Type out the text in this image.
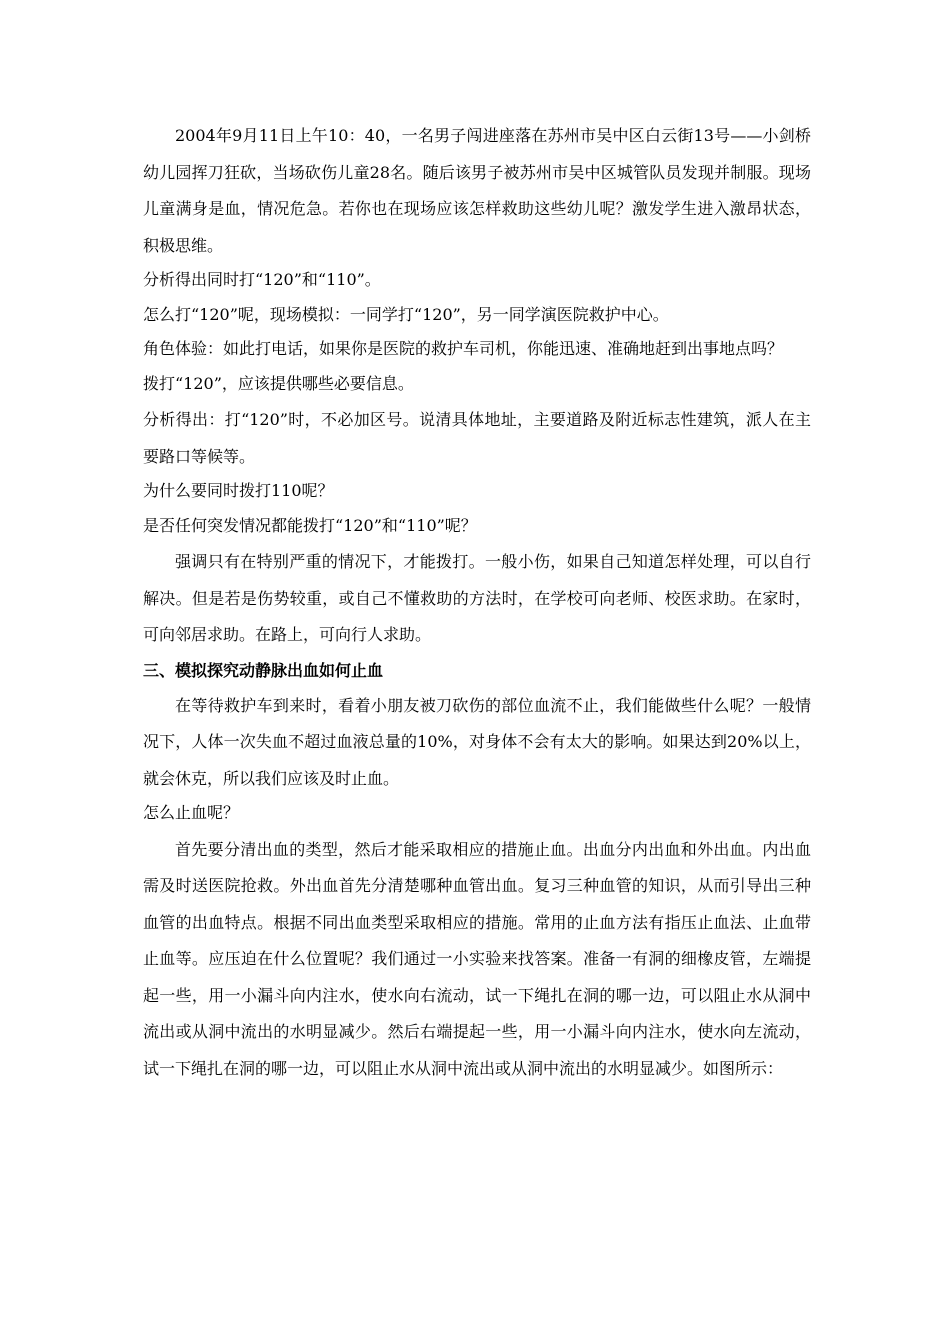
2004年9月11日上午10：40，一名男子闯进座落在苏州市吴中区白云街13号——小剑桥幼儿园挥刀狂砍，当场砍伤儿童28名。随后该男子被苏州市吴中区城管队员发现并制服。现场儿童满身是血，情况危急。若你也在现场应该怎样救助这些幼儿呢？激发学生进入激昂状态，积极思维。

分析得出同时打“120”和“110”。

怎么打“120”呢，现场模拟：一同学打“120”，另一同学演医院救护中心。

角色体验：如此打电话，如果你是医院的救护车司机，你能迅速、准确地赶到出事地点吗？

拨打“120”，应该提供哪些必要信息。

分析得出：打“120”时，不必加区号。说清具体地址，主要道路及附近标志性建筑，派人在主要路口等候等。

为什么要同时拨打110呢？

是否任何突发情况都能拨打“120”和“110”呢？

强调只有在特别严重的情况下，才能拨打。一般小伤，如果自己知道怎样处理，可以自行解决。但是若是伤势较重，或自己不懂救助的方法时，在学校可向老师、校医求助。在家时，可向邻居求助。在路上，可向行人求助。

三、模拟探究动静脉出血如何止血

在等待救护车到来时，看着小朋友被刀砍伤的部位血流不止，我们能做些什么呢？一般情况下，人体一次失血不超过血液总量的10%，对身体不会有太大的影响。如果达到20%以上，就会休克，所以我们应该及时止血。

怎么止血呢？

首先要分清出血的类型，然后才能采取相应的措施止血。出血分内出血和外出血。内出血需及时送医院抢救。外出血首先分清楚哪种血管出血。复习三种血管的知识，从而引导出三种血管的出血特点。根据不同出血类型采取相应的措施。常用的止血方法有指压止血法、止血带止血等。应压迫在什么位置呢？我们通过一小实验来找答案。准备一有洞的细橡皮管，左端提起一些，用一小漏斗向内注水，使水向右流动，试一下绳扎在洞的哪一边，可以阻止水从洞中流出或从洞中流出的水明显减少。然后右端提起一些，用一小漏斗向内注水，使水向左流动，试一下绳扎在洞的哪一边，可以阻止水从洞中流出或从洞中流出的水明显减少。如图所示：
